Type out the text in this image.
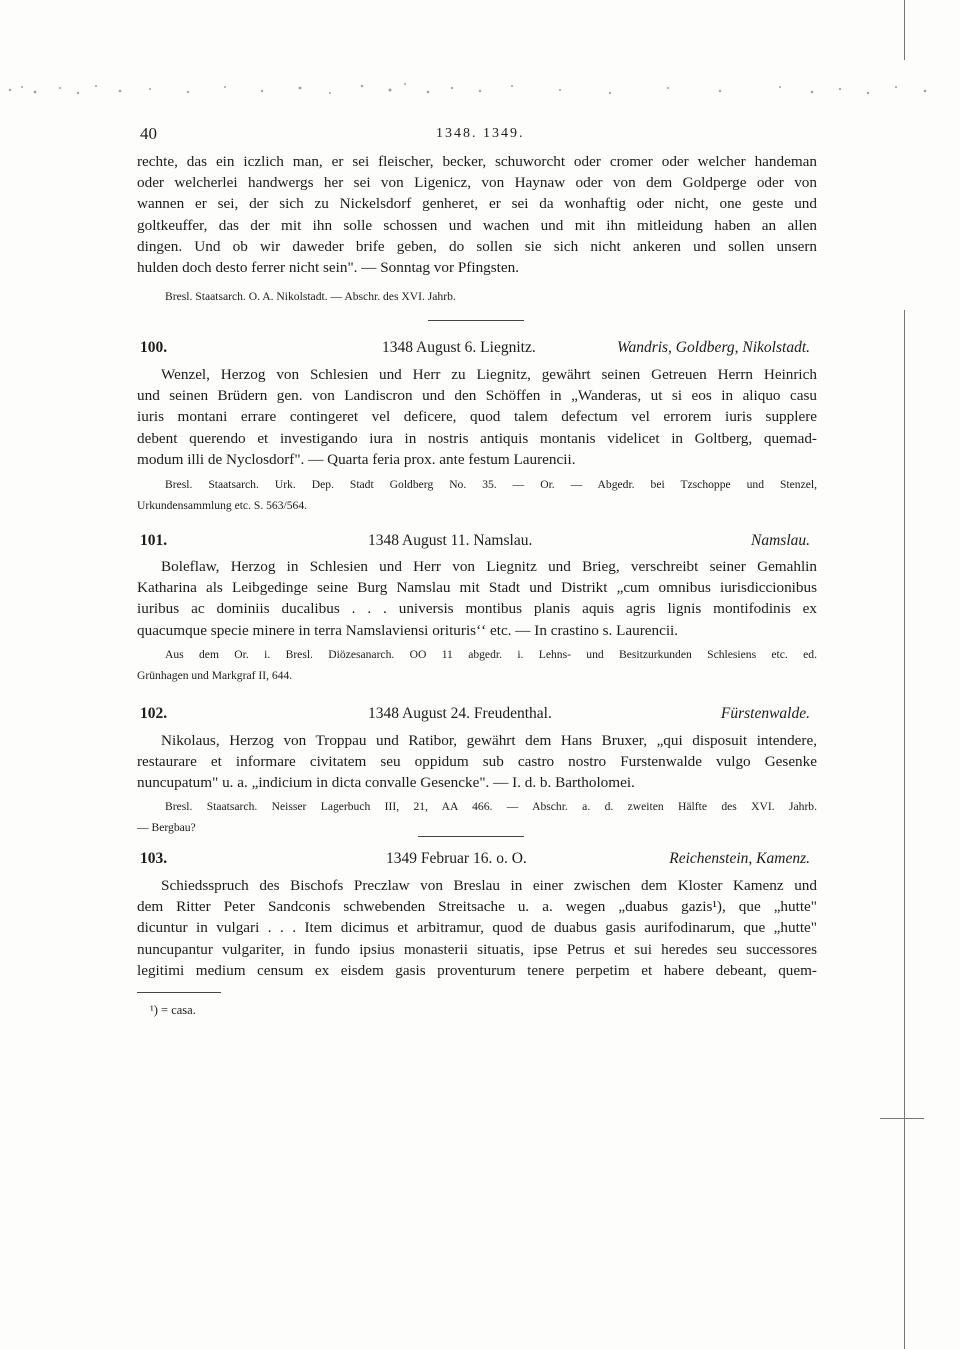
40	1348. 1349.
rechte, das ein iczlich man, er sei fleischer, becker, schuworcht oder cromer oder welcher handeman
oder welcherlei handwergs her sei von Ligenicz, von Haynaw oder von dem Goldperge oder von
wannen er sei, der sich zu Nickelsdorf genheret, er sei da wonhaftig oder nicht, one geste und
goltkeuffer, das der mit ihn solle schossen und wachen und mit ihn mitleidung haben an allen
dingen. Und ob wir daweder brife geben, do sollen sie sich nicht ankeren und sollen unsern
hulden doch desto ferrer nicht sein". — Sonntag vor Pfingsten.
Bresl. Staatsarch. O. A. Nikolstadt. — Abschr. des XVI. Jahrb.
100.	1348 August 6. Liegnitz.	Wandris, Goldberg, Nikolstadt.
Wenzel, Herzog von Schlesien und Herr zu Liegnitz, gewährt seinen Getreuen Herrn Heinrich
und seinen Brüdern gen. von Landiscron und den Schöffen in „Wanderas, ut si eos in aliquo casu
iuris montani errare contingeret vel deficere, quod talem defectum vel errorem iuris supplere
debent querendo et investigando iura in nostris antiquis montanis videlicet in Goltberg, quemad-
modum illi de Nyclosdorf". — Quarta feria prox. ante festum Laurencii.
Bresl. Staatsarch. Urk. Dep. Stadt Goldberg No. 35. — Or. — Abgedr. bei Tzschoppe und Stenzel,
Urkundensammlung etc. S. 563/564.
101.	1348 August 11. Namslau.	Namslau.
Boleflaw, Herzog in Schlesien und Herr von Liegnitz und Brieg, verschreibt seiner Gemahlin
Katharina als Leibgedinge seine Burg Namslau mit Stadt und Distrikt „cum omnibus iurisdiccionibus
iuribus ac dominiis ducalibus . . . universis montibus planis aquis agris lignis montifodinis ex
quacumque specie minere in terra Namslaviensi oriturisʻʻ etc. — In crastino s. Laurencii.
Aus dem Or. i. Bresl. Diözesanarch. OO 11 abgedr. i. Lehns- und Besitzurkunden Schlesiens etc. ed.
Grünhagen und Markgraf II, 644.
102.	1348 August 24. Freudenthal.	Fürstenwalde.
Nikolaus, Herzog von Troppau und Ratibor, gewährt dem Hans Bruxer, „qui disposuit intendere,
restaurare et informare civitatem seu oppidum sub castro nostro Furstenwalde vulgo Gesenke
nuncupatum" u. a. „indicium in dicta convalle Gesencke". — I. d. b. Bartholomei.
Bresl. Staatsarch. Neisser Lagerbuch III, 21, AA 466. — Abschr. a. d. zweiten Hälfte des XVI. Jahrb.
— Bergbau?
103.	1349 Februar 16. o. O.	Reichenstein, Kamenz.
Schiedsspruch des Bischofs Preczlaw von Breslau in einer zwischen dem Kloster Kamenz und
dem Ritter Peter Sandconis schwebenden Streitsache u. a. wegen „duabus gazis¹), que „hutte"
dicuntur in vulgari . . . Item dicimus et arbitramur, quod de duabus gasis aurifodinarum, que „hutte"
nuncupantur vulgariter, in fundo ipsius monasterii situatis, ipse Petrus et sui heredes seu successores
legitimi medium censum ex eisdem gasis proventurum tenere perpetim et habere debeant, quem-
¹) = casa.
